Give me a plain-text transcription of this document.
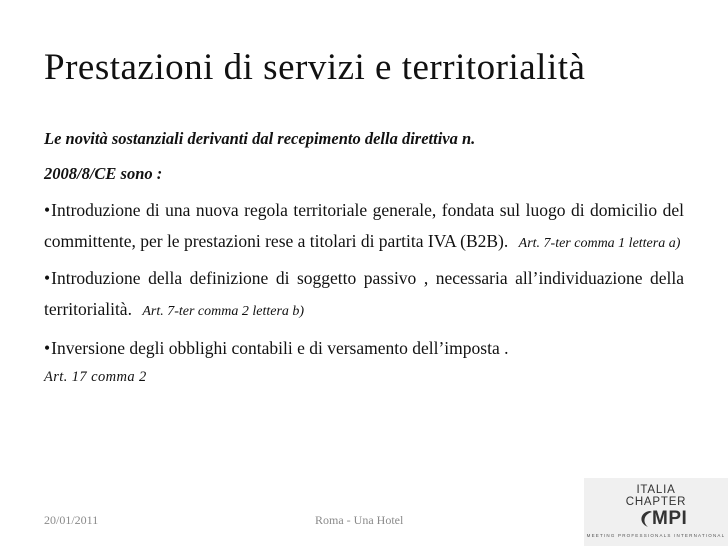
Prestazioni di servizi e territorialità
Le novità sostanziali derivanti dal recepimento della direttiva n.
2008/8/CE sono :
•Introduzione di una nuova regola territoriale generale, fondata sul luogo di domicilio del committente, per le prestazioni rese a titolari di partita IVA (B2B). Art. 7-ter comma 1 lettera a)
•Introduzione della definizione di soggetto passivo , necessaria all’individuazione della territorialità. Art. 7-ter comma 2 lettera b)
•Inversione degli obblighi contabili e di versamento dell’imposta .
Art. 17 comma 2
20/01/2011	Roma - Una Hotel
ITALIA
CHAPTER
MPI
MEETING PROFESSIONALS INTERNATIONAL
